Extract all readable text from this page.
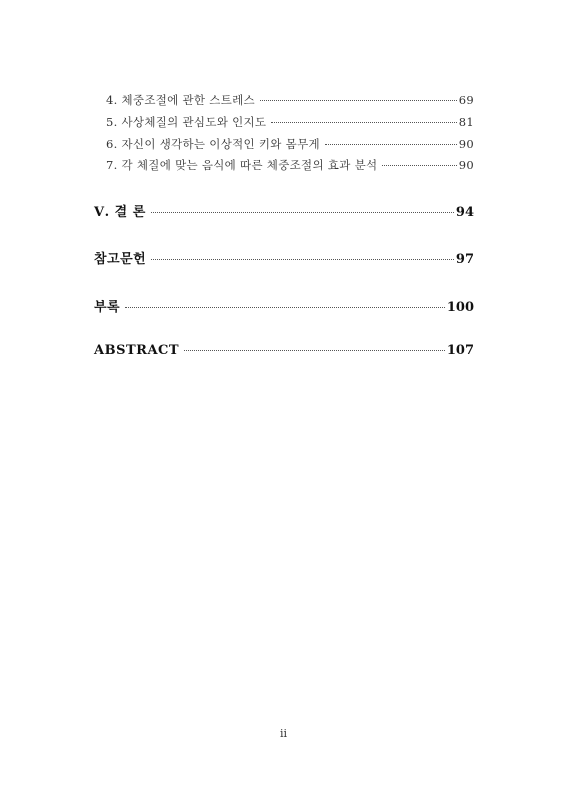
4. 체중조절에 관한 스트레스	69
5. 사상체질의 관심도와 인지도	81
6. 자신이 생각하는 이상적인 키와 몸무게	90
7. 각 체질에 맞는 음식에 따른 체중조절의 효과 분석	90
Ⅴ. 결 론	94
참고문헌	97
부록	100
ABSTRACT	107
ii
